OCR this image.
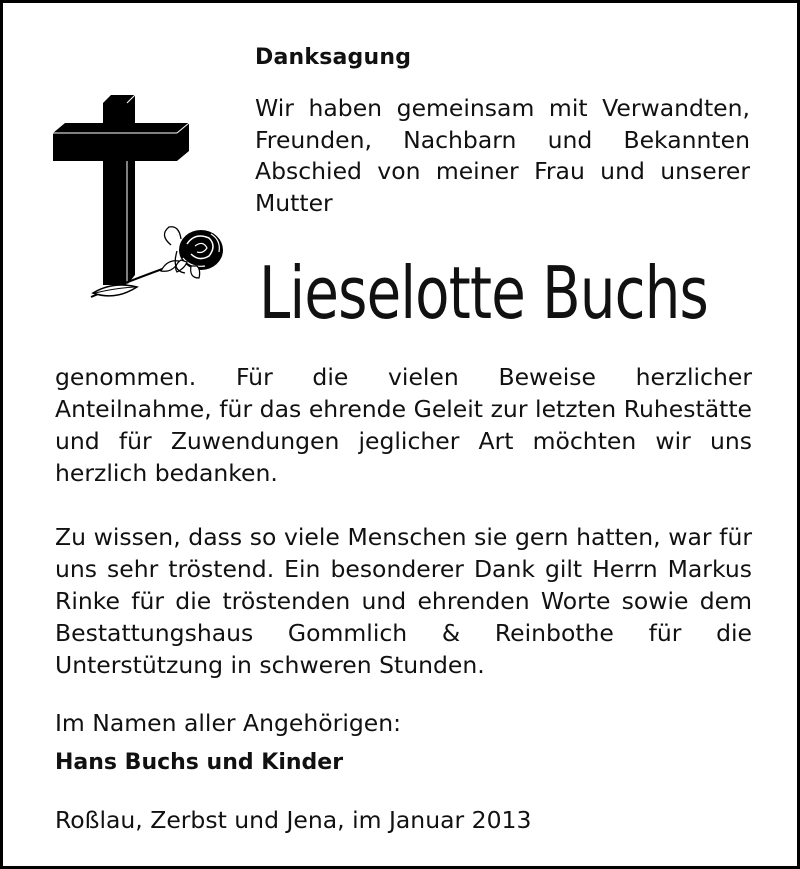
Danksagung
Wir haben gemeinsam mit Verwandten, Freunden, Nachbarn und Bekannten Abschied von meiner Frau und unserer Mutter
Lieselotte Buchs
genommen. Für die vielen Beweise herzlicher Anteilnahme, für das ehrende Geleit zur letzten Ruhestätte und für Zuwendungen jeglicher Art möchten wir uns herzlich bedanken.
Zu wissen, dass so viele Menschen sie gern hatten, war für uns sehr tröstend. Ein besonderer Dank gilt Herrn Markus Rinke für die tröstenden und ehrenden Worte sowie dem Bestattungshaus Gommlich & Reinbothe für die Unterstützung in schweren Stunden.
Im Namen aller Angehörigen:
Hans Buchs und Kinder
Roßlau, Zerbst und Jena, im Januar 2013
